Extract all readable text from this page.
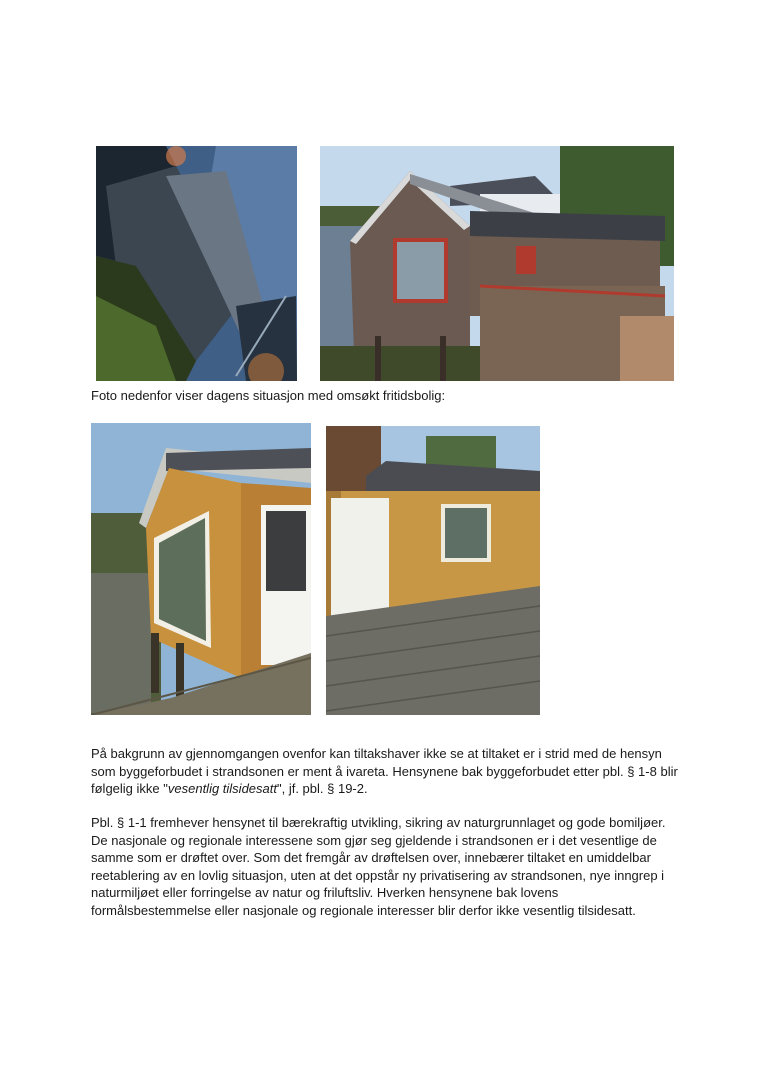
Foto nedenfor viser dagens situasjon med omsøkt fritidsbolig:

På bakgrunn av gjennomgangen ovenfor kan tiltakshaver ikke se at tiltaket er i strid med de hensyn som byggeforbudet i strandsonen er ment å ivareta. Hensynene bak byggeforbudet etter pbl. § 1-8 blir følgelig ikke "vesentlig tilsidesatt", jf. pbl. § 19-2.

Pbl. § 1-1 fremhever hensynet til bærekraftig utvikling, sikring av naturgrunnlaget og gode bomiljøer. De nasjonale og regionale interessene som gjør seg gjeldende i strandsonen er i det vesentlige de samme som er drøftet over. Som det fremgår av drøftelsen over, innebærer tiltaket en umiddelbar reetablering av en lovlig situasjon, uten at det oppstår ny privatisering av strandsonen, nye inngrep i naturmiljøet eller forringelse av natur og friluftsliv. Hverken hensynene bak lovens formålsbestemmelse eller nasjonale og regionale interesser blir derfor ikke vesentlig tilsidesatt.
